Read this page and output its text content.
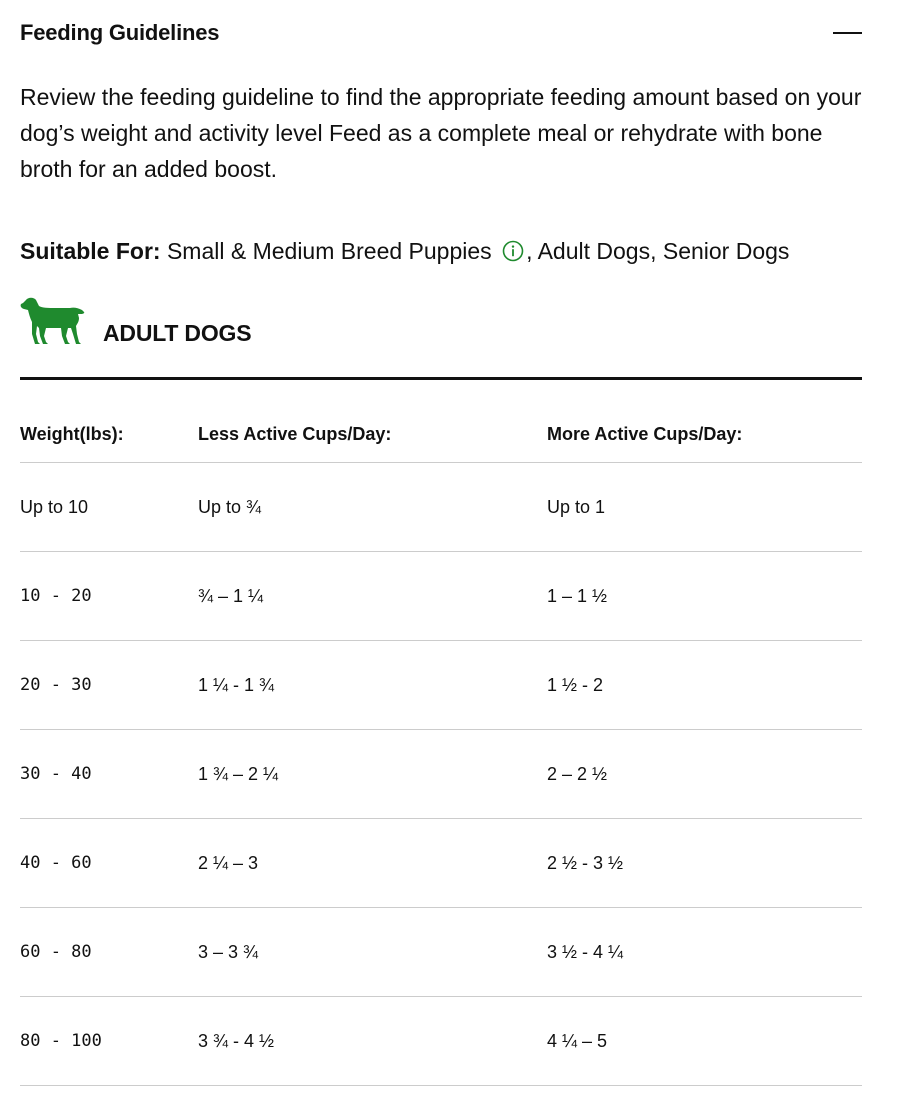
Feeding Guidelines

Review the feeding guideline to find the appropriate feeding amount based on your dog’s weight and activity level Feed as a complete meal or rehydrate with bone broth for an added boost.

Suitable For: Small & Medium Breed Puppies , Adult Dogs, Senior Dogs
ADULT DOGS
Weight(lbs):	Less Active Cups/Day:	More Active Cups/Day:
Up to 10	Up to ¾	Up to 1
10 - 20	¾ – 1 ¼	1 – 1 ½
20 - 30	1 ¼ - 1 ¾	1 ½ - 2
30 - 40	1 ¾ – 2 ¼	2 – 2 ½
40 - 60	2 ¼ – 3	2 ½ - 3 ½
60 - 80	3 – 3 ¾	3 ½ - 4 ¼
80 - 100	3 ¾ - 4 ½	4 ¼ – 5
